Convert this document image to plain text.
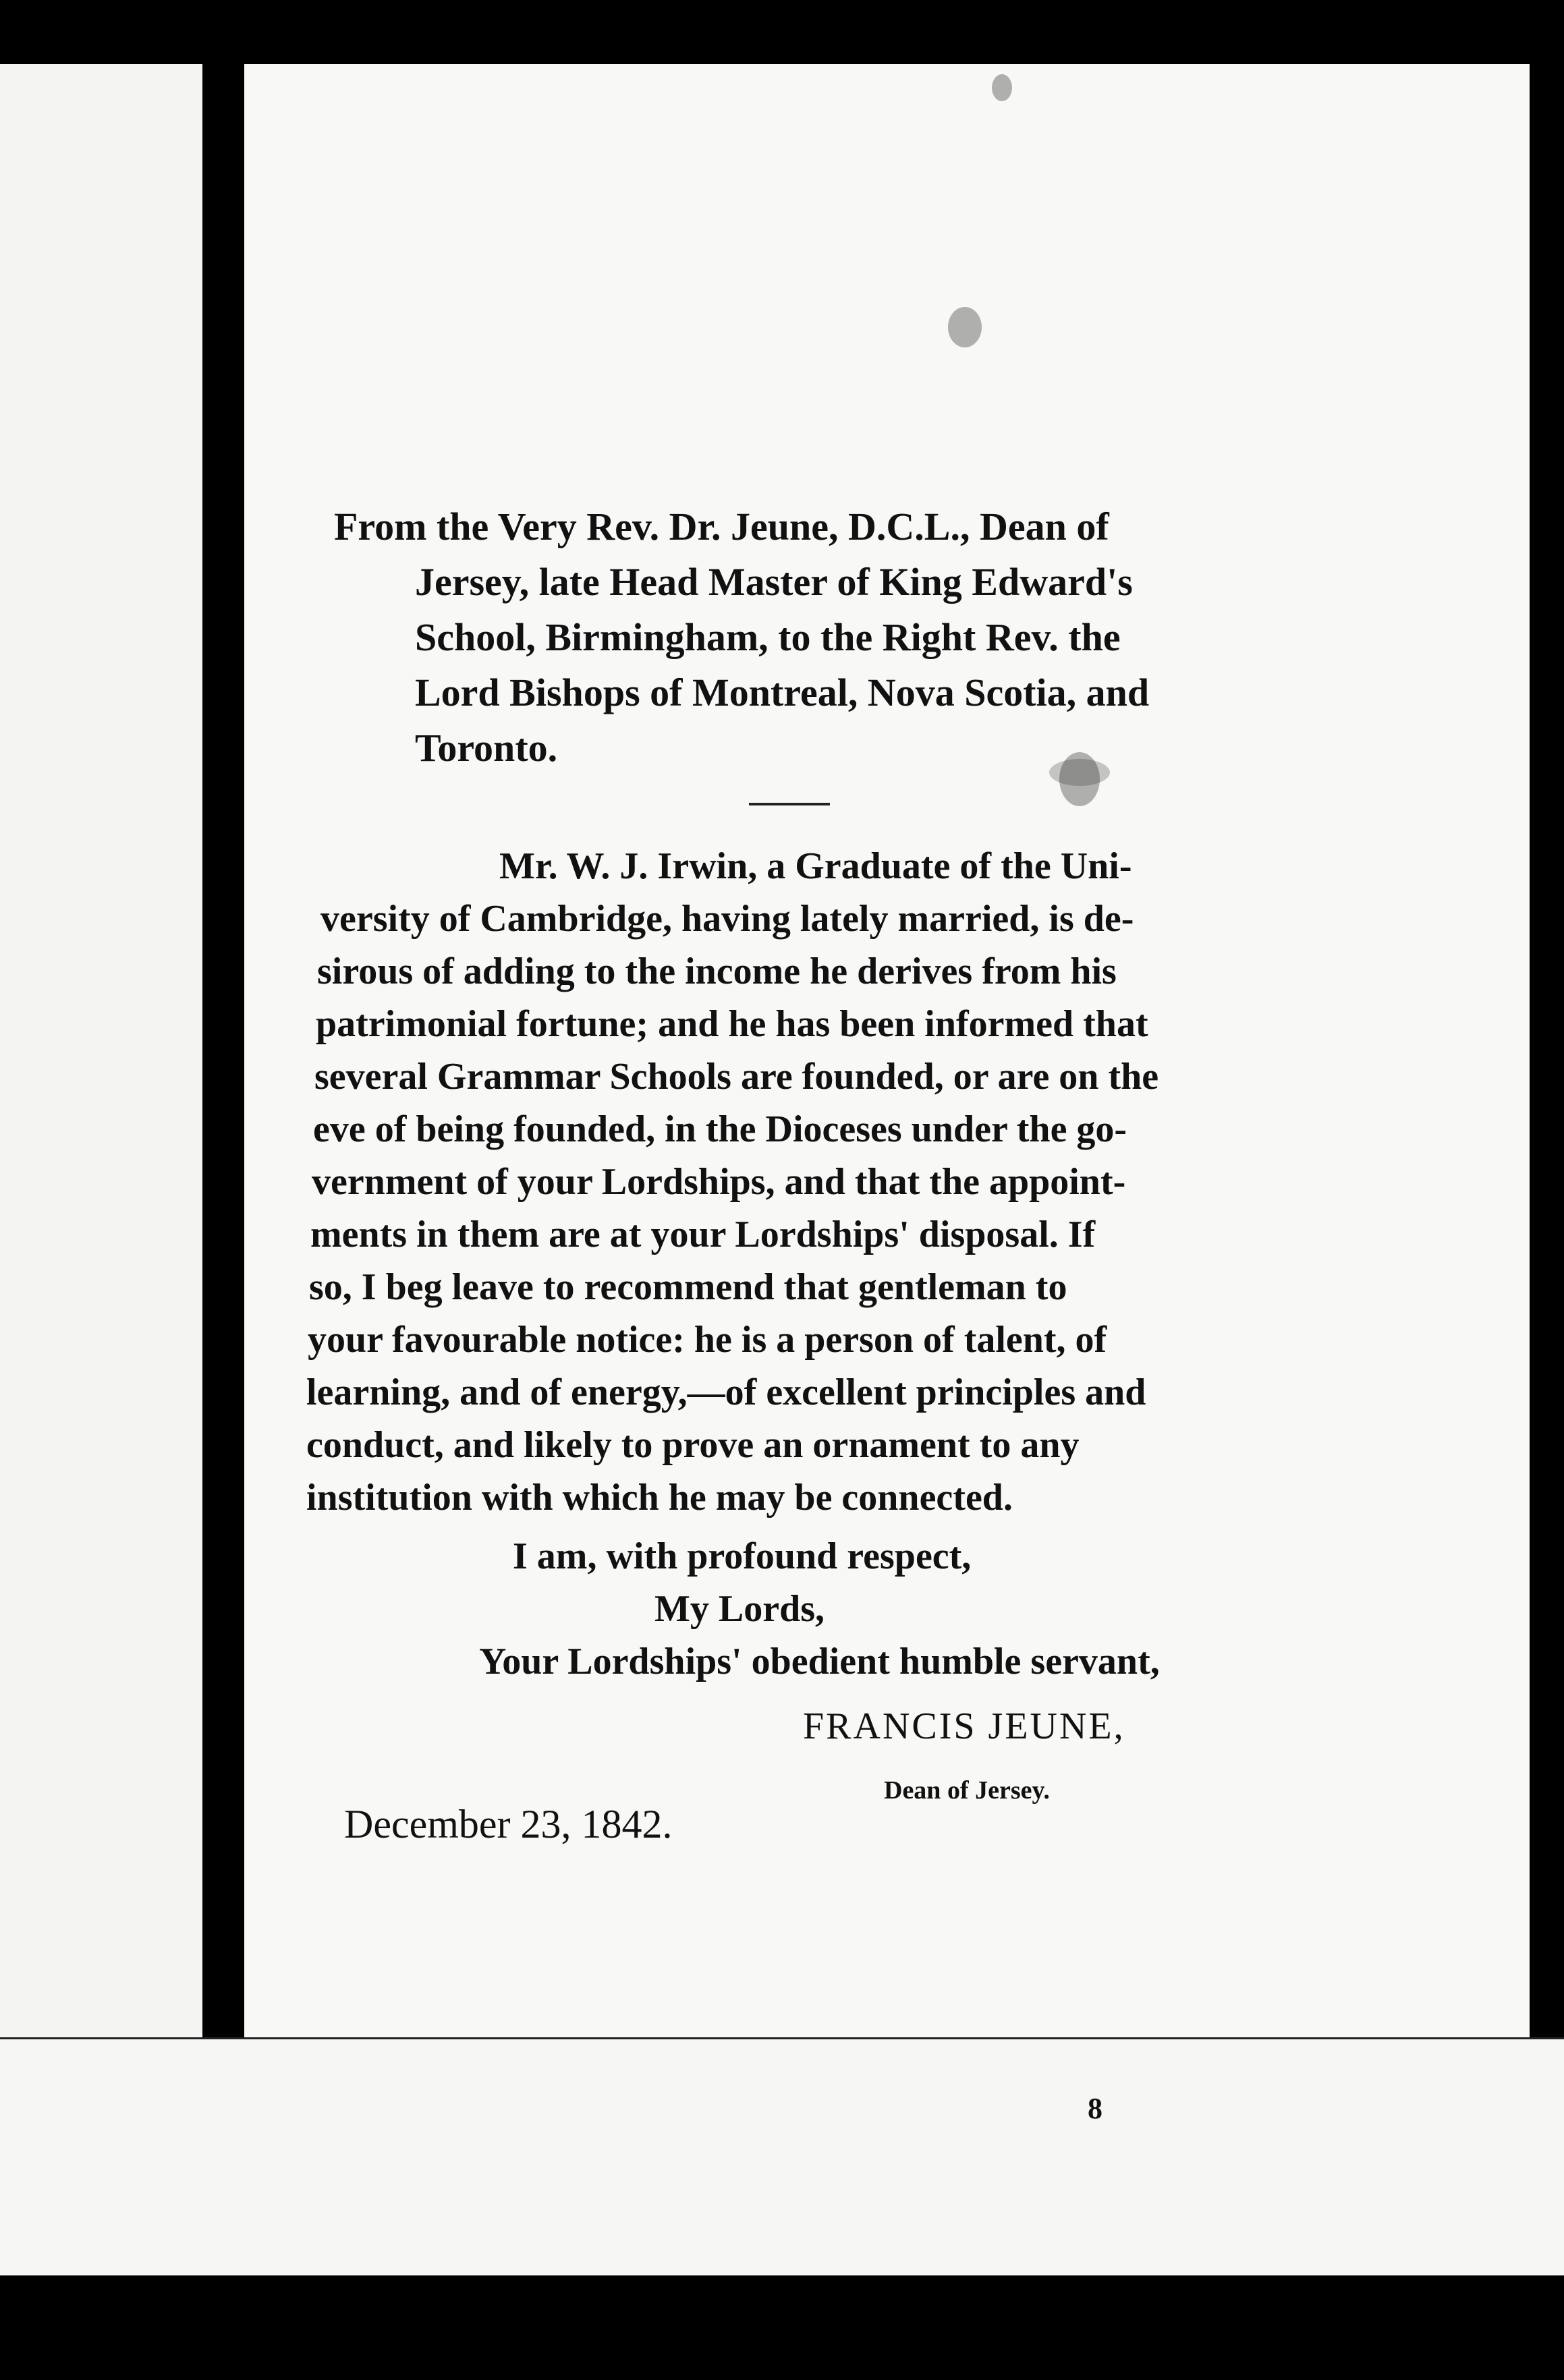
From the Very Rev. Dr. Jeune, D.C.L., Dean of
Jersey, late Head Master of King Edward's
School, Birmingham, to the Right Rev. the
Lord Bishops of Montreal, Nova Scotia, and
Toronto.
Mr. W. J. Irwin, a Graduate of the Uni-
versity of Cambridge, having lately married, is de-
sirous of adding to the income he derives from his
patrimonial fortune; and he has been informed that
several Grammar Schools are founded, or are on the
eve of being founded, in the Dioceses under the go-
vernment of your Lordships, and that the appoint-
ments in them are at your Lordships' disposal. If
so, I beg leave to recommend that gentleman to
your favourable notice: he is a person of talent, of
learning, and of energy,—of excellent principles and
conduct, and likely to prove an ornament to any
institution with which he may be connected.
I am, with profound respect,
My Lords,
Your Lordships' obedient humble servant,
FRANCIS JEUNE,
Dean of Jersey.
December 23, 1842.
8
